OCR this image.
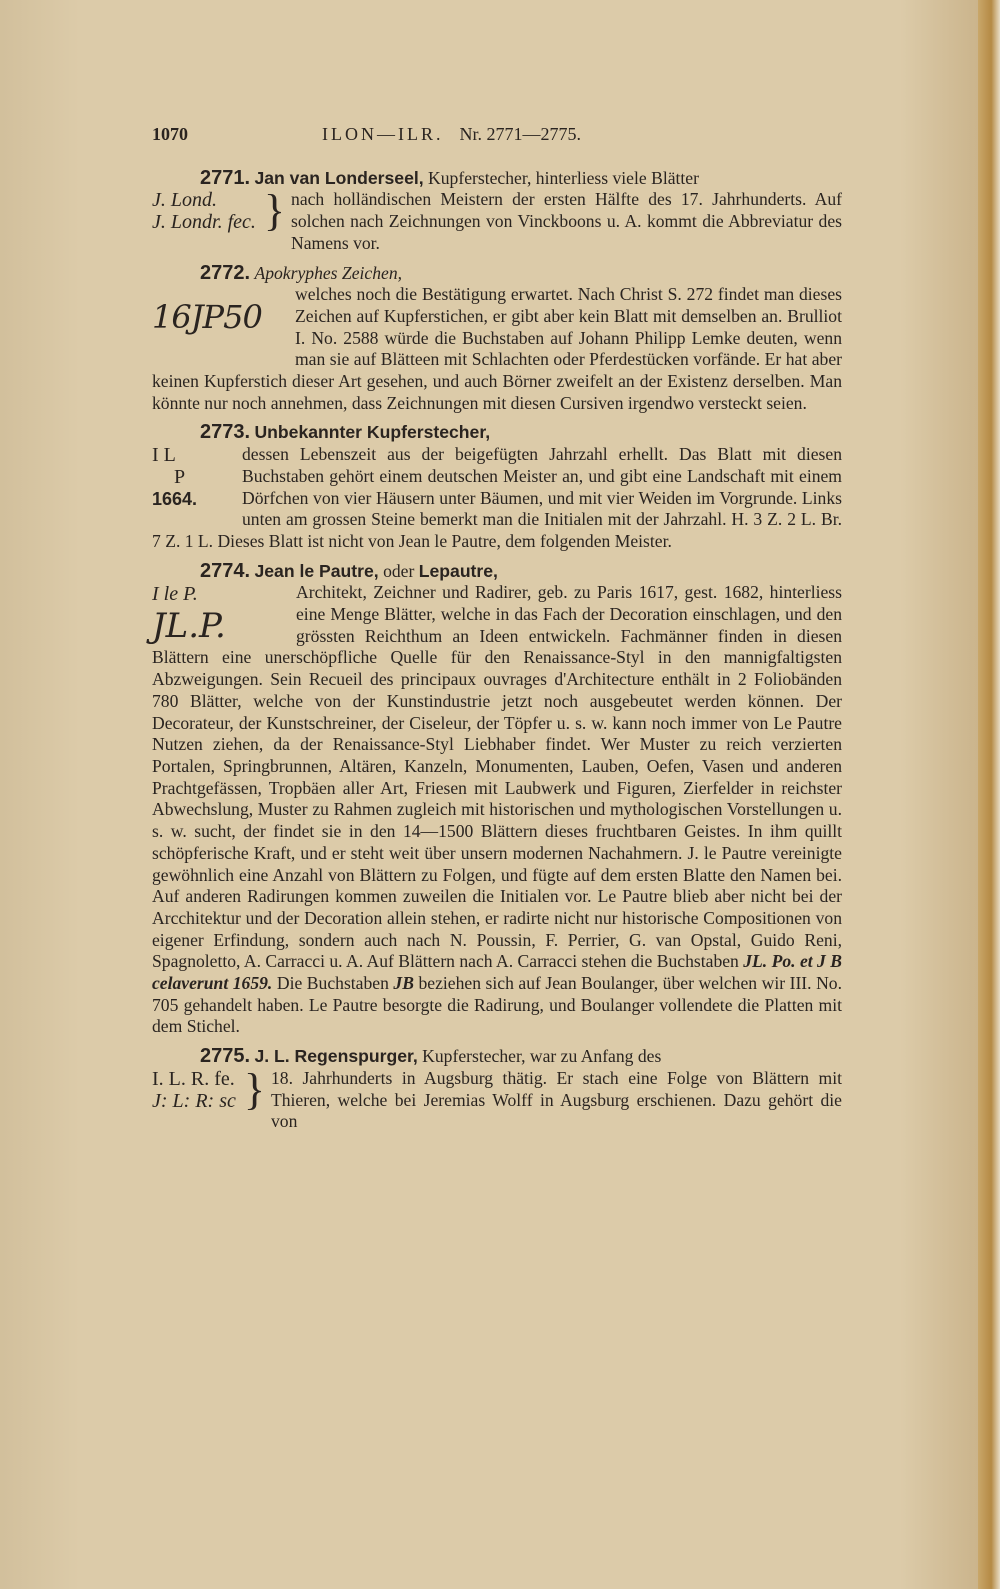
1070	ILON—ILR. Nr. 2771—2775.
2771. Jan van Londerseel, Kupferstecher, hinterliess viele Blätter
J. Lond.
J. Londr. fec. } nach holländischen Meistern der ersten Hälfte des 17. Jahrhunderts. Auf solchen nach Zeichnungen von Vinckboons u. A. kommt die Abbreviatur des Namens vor.
2772. Apokryphes Zeichen,
16JP50
welches noch die Bestätigung erwartet. Nach Christ S. 272 findet man dieses Zeichen auf Kupferstichen, er gibt aber kein Blatt mit demselben an. Brulliot I. No. 2588 würde die Buchstaben auf Johann Philipp Lemke deuten, wenn man sie auf Blätteen mit Schlachten oder Pferdestücken vorfände. Er hat aber keinen Kupferstich dieser Art gesehen, und auch Börner zweifelt an der Existenz derselben. Man könnte nur noch annehmen, dass Zeichnungen mit diesen Cursiven irgendwo versteckt seien.
2773. Unbekannter Kupferstecher,
I L
P
1664.
dessen Lebenszeit aus der beigefügten Jahrzahl erhellt. Das Blatt mit diesen Buchstaben gehört einem deutschen Meister an, und gibt eine Landschaft mit einem Dörfchen von vier Häusern unter Bäumen, und mit vier Weiden im Vorgrunde. Links unten am grossen Steine bemerkt man die Initialen mit der Jahrzahl. H. 3 Z. 2 L. Br. 7 Z. 1 L. Dieses Blatt ist nicht von Jean le Pautre, dem folgenden Meister.
2774. Jean le Pautre, oder Lepautre,
I le P.
JL.P.
Architekt, Zeichner und Radirer, geb. zu Paris 1617, gest. 1682, hinterliess eine Menge Blätter, welche in das Fach der Decoration einschlagen, und den grössten Reichthum an Ideen entwickeln. Fachmänner finden in diesen Blättern eine unerschöpfliche Quelle für den Renaissance-Styl in den mannigfaltigsten Abzweigungen. Sein Recueil des principaux ouvrages d'Architecture enthält in 2 Foliobänden 780 Blätter, welche von der Kunstindustrie jetzt noch ausgebeutet werden können. Der Decorateur, der Kunstschreiner, der Ciseleur, der Töpfer u. s. w. kann noch immer von Le Pautre Nutzen ziehen, da der Renaissance-Styl Liebhaber findet. Wer Muster zu reich verzierten Portalen, Springbrunnen, Altären, Kanzeln, Monumenten, Lauben, Oefen, Vasen und anderen Prachtgefässen, Tropbäen aller Art, Friesen mit Laubwerk und Figuren, Zierfelder in reichster Abwechslung, Muster zu Rahmen zugleich mit historischen und mythologischen Vorstellungen u. s. w. sucht, der findet sie in den 14—1500 Blättern dieses fruchtbaren Geistes. In ihm quillt schöpferische Kraft, und er steht weit über unsern modernen Nachahmern. J. le Pautre vereinigte gewöhnlich eine Anzahl von Blättern zu Folgen, und fügte auf dem ersten Blatte den Namen bei. Auf anderen Radirungen kommen zuweilen die Initialen vor. Le Pautre blieb aber nicht bei der Arcchitektur und der Decoration allein stehen, er radirte nicht nur historische Compositionen von eigener Erfindung, sondern auch nach N. Poussin, F. Perrier, G. van Opstal, Guido Reni, Spagnoletto, A. Carracci u. A. Auf Blättern nach A. Carracci stehen die Buchstaben JL. Po. et J B celaverunt 1659. Die Buchstaben JB beziehen sich auf Jean Boulanger, über welchen wir III. No. 705 gehandelt haben. Le Pautre besorgte die Radirung, und Boulanger vollendete die Platten mit dem Stichel.
2775. J. L. Regenspurger, Kupferstecher, war zu Anfang des
I. L. R. fe.
J: L: R: sc } 18. Jahrhunderts in Augsburg thätig. Er stach eine Folge von Blättern mit Thieren, welche bei Jeremias Wolff in Augsburg erschienen. Dazu gehört die von
